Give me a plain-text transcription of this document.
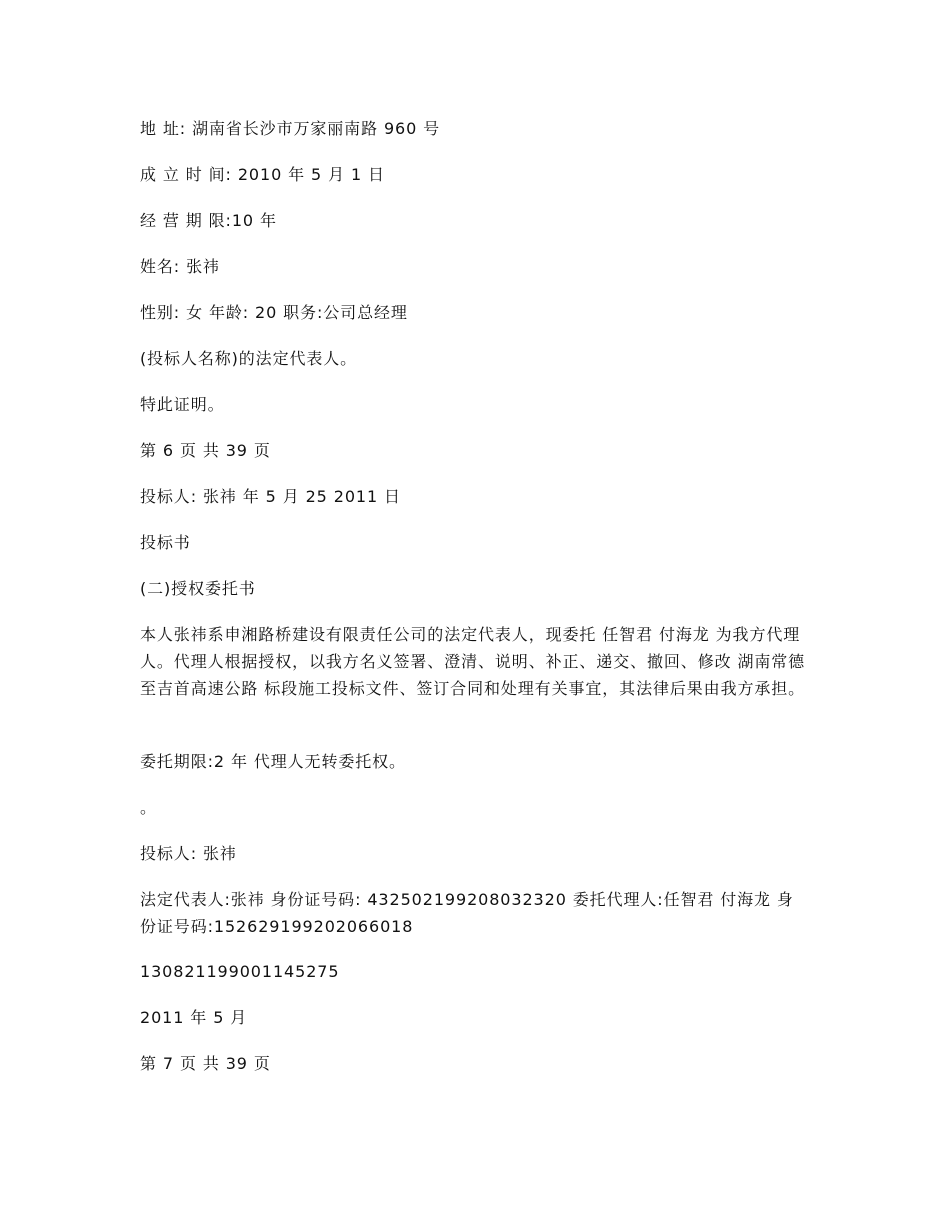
地 址: 湖南省长沙市万家丽南路 960 号
成 立 时 间: 2010 年 5 月 1 日
经 营 期 限:10 年
姓名: 张祎
性别: 女 年龄: 20 职务:公司总经理
(投标人名称)的法定代表人。
特此证明。
第 6 页 共 39 页
投标人: 张祎 年 5 月 25 2011 日
投标书
(二)授权委托书
本人张祎系申湘路桥建设有限责任公司的法定代表人，现委托 任智君 付海龙 为我方代理人。代理人根据授权，以我方名义签署、澄清、说明、补正、递交、撤回、修改 湖南常德至吉首高速公路 标段施工投标文件、签订合同和处理有关事宜，其法律后果由我方承担。
委托期限:2 年 代理人无转委托权。
。
投标人: 张祎
法定代表人:张祎 身份证号码: 432502199208032320 委托代理人:任智君 付海龙 身份证号码:152629199202066018
130821199001145275
2011 年 5 月
第 7 页 共 39 页
